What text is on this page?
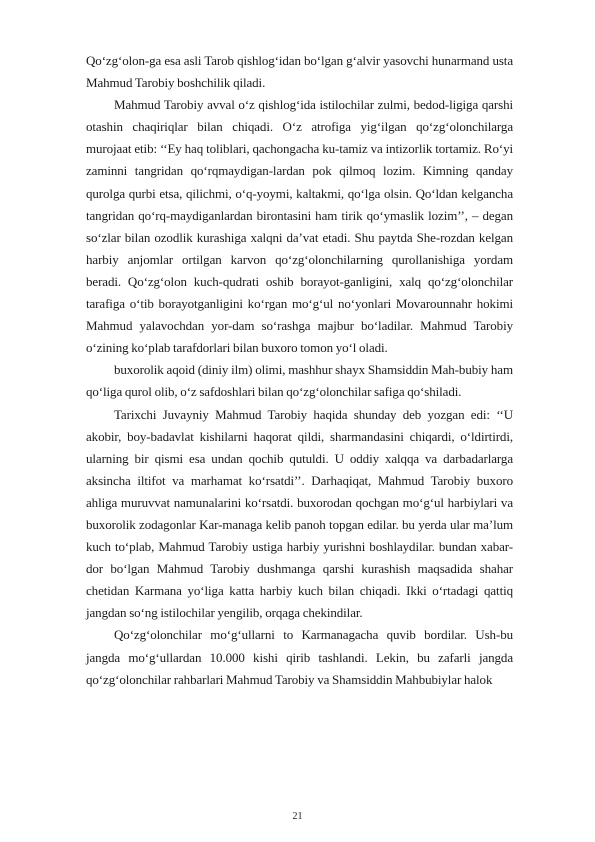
Qo‘zg‘olon-ga esa asli Tarob qishlog‘idan bo‘lgan g‘alvir yasovchi hunarmand usta Mahmud Tarobiy boshchilik qiladi.

Mahmud Tarobiy avval o‘z qishlog‘ida istilochilar zulmi, bedod-ligiga qarshi otashin chaqiriqlar bilan chiqadi. O‘z atrofiga yig‘ilgan qo‘zg‘olonchilarga murojaat etib: ‘‘Ey haq toliblari, qachongacha ku-tamiz va intizorlik tortamiz. Ro‘yi zaminni tangridan qo‘rqmaydigan-lardan pok qilmoq lozim. Kimning qanday qurolga qurbi etsa, qilichmi, o‘q-yoymi, kaltakmi, qo‘lga olsin. Qo‘ldan kelgancha tangridan qo‘rq-maydiganlardan birontasini ham tirik qo‘ymaslik lozim’’, – degan so‘zlar bilan ozodlik kurashiga xalqni da’vat etadi. Shu paytda She-rozdan kelgan harbiy anjomlar ortilgan karvon qo‘zg‘olonchilarning qurollanishiga yordam beradi. Qo‘zg‘olon kuch-qudrati oshib borayot-ganligini, xalq qo‘zg‘olonchilar tarafiga o‘tib borayotganligini ko‘rgan mo‘g‘ul no‘yonlari Movarounnahr hokimi Mahmud yalavochdan yor-dam so‘rashga majbur bo‘ladilar. Mahmud Tarobiy o‘zining ko‘plab tarafdorlari bilan buxoro tomon yo‘l oladi.

buxorolik aqoid (diniy ilm) olimi, mashhur shayx Shamsiddin Mah-bubiy ham qo‘liga qurol olib, o‘z safdoshlari bilan qo‘zg‘olonchilar safiga qo‘shiladi.

Tarixchi Juvayniy Mahmud Tarobiy haqida shunday deb yozgan edi: ‘‘U akobir, boy-badavlat kishilarni haqorat qildi, sharmandasini chiqardi, o‘ldirtirdi, ularning bir qismi esa undan qochib qutuldi. U oddiy xalqqa va darbadarlarga aksincha iltifot va marhamat ko‘rsatdi’’. Darhaqiqat, Mahmud Tarobiy buxoro ahliga muruvvat namunalarini ko‘rsatdi. buxorodan qochgan mo‘g‘ul harbiylari va buxorolik zodagonlar Kar-managa kelib panoh topgan edilar. bu yerda ular ma’lum kuch to‘plab, Mahmud Tarobiy ustiga harbiy yurishni boshlaydilar. bundan xabar-dor bo‘lgan Mahmud Tarobiy dushmanga qarshi kurashish maqsadida shahar chetidan Karmana yo‘liga katta harbiy kuch bilan chiqadi. Ikki o‘rtadagi qattiq jangdan so‘ng istilochilar yengilib, orqaga chekindilar.

Qo‘zg‘olonchilar mo‘g‘ullarni to Karmanagacha quvib bordilar. Ush-bu jangda mo‘g‘ullardan 10.000 kishi qirib tashlandi. Lekin, bu zafarli jangda qo‘zg‘olonchilar rahbarlari Mahmud Tarobiy va Shamsiddin Mahbubiylar halok

21
